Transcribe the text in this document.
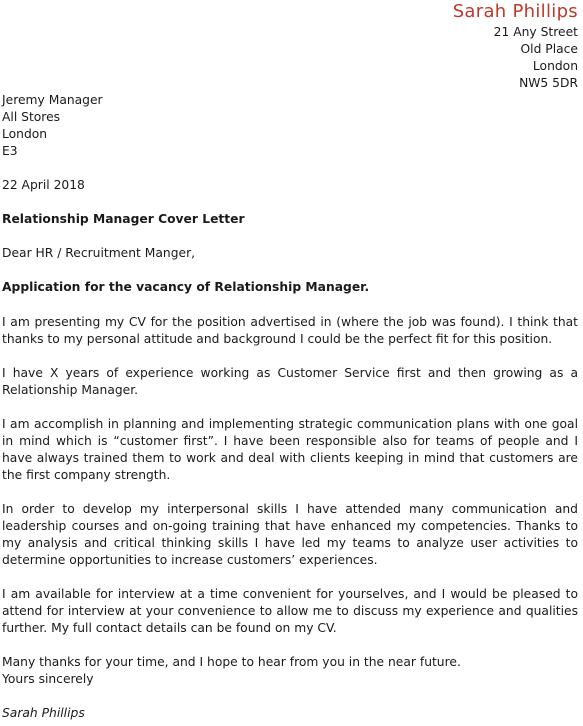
Sarah Phillips
21 Any Street
Old Place
London
NW5 5DR
Jeremy Manager
All Stores
London
E3
22 April 2018
Relationship Manager Cover Letter
Dear HR / Recruitment Manger,
Application for the vacancy of Relationship Manager.

I am presenting my CV for the position advertised in (where the job was found). I think that thanks to my personal attitude and background I could be the perfect fit for this position.

I have X years of experience working as Customer Service first and then growing as a Relationship Manager.

I am accomplish in planning and implementing strategic communication plans with one goal in mind which is “customer first”. I have been responsible also for teams of people and I have always trained them to work and deal with clients keeping in mind that customers are the first company strength.

In order to develop my interpersonal skills I have attended many communication and leadership courses and on-going training that have enhanced my competencies. Thanks to my analysis and critical thinking skills I have led my teams to analyze user activities to determine opportunities to increase customers’ experiences.

I am available for interview at a time convenient for yourselves, and I would be pleased to attend for interview at your convenience to allow me to discuss my experience and qualities further. My full contact details can be found on my CV.

Many thanks for your time, and I hope to hear from you in the near future.

Yours sincerely
Sarah Phillips
